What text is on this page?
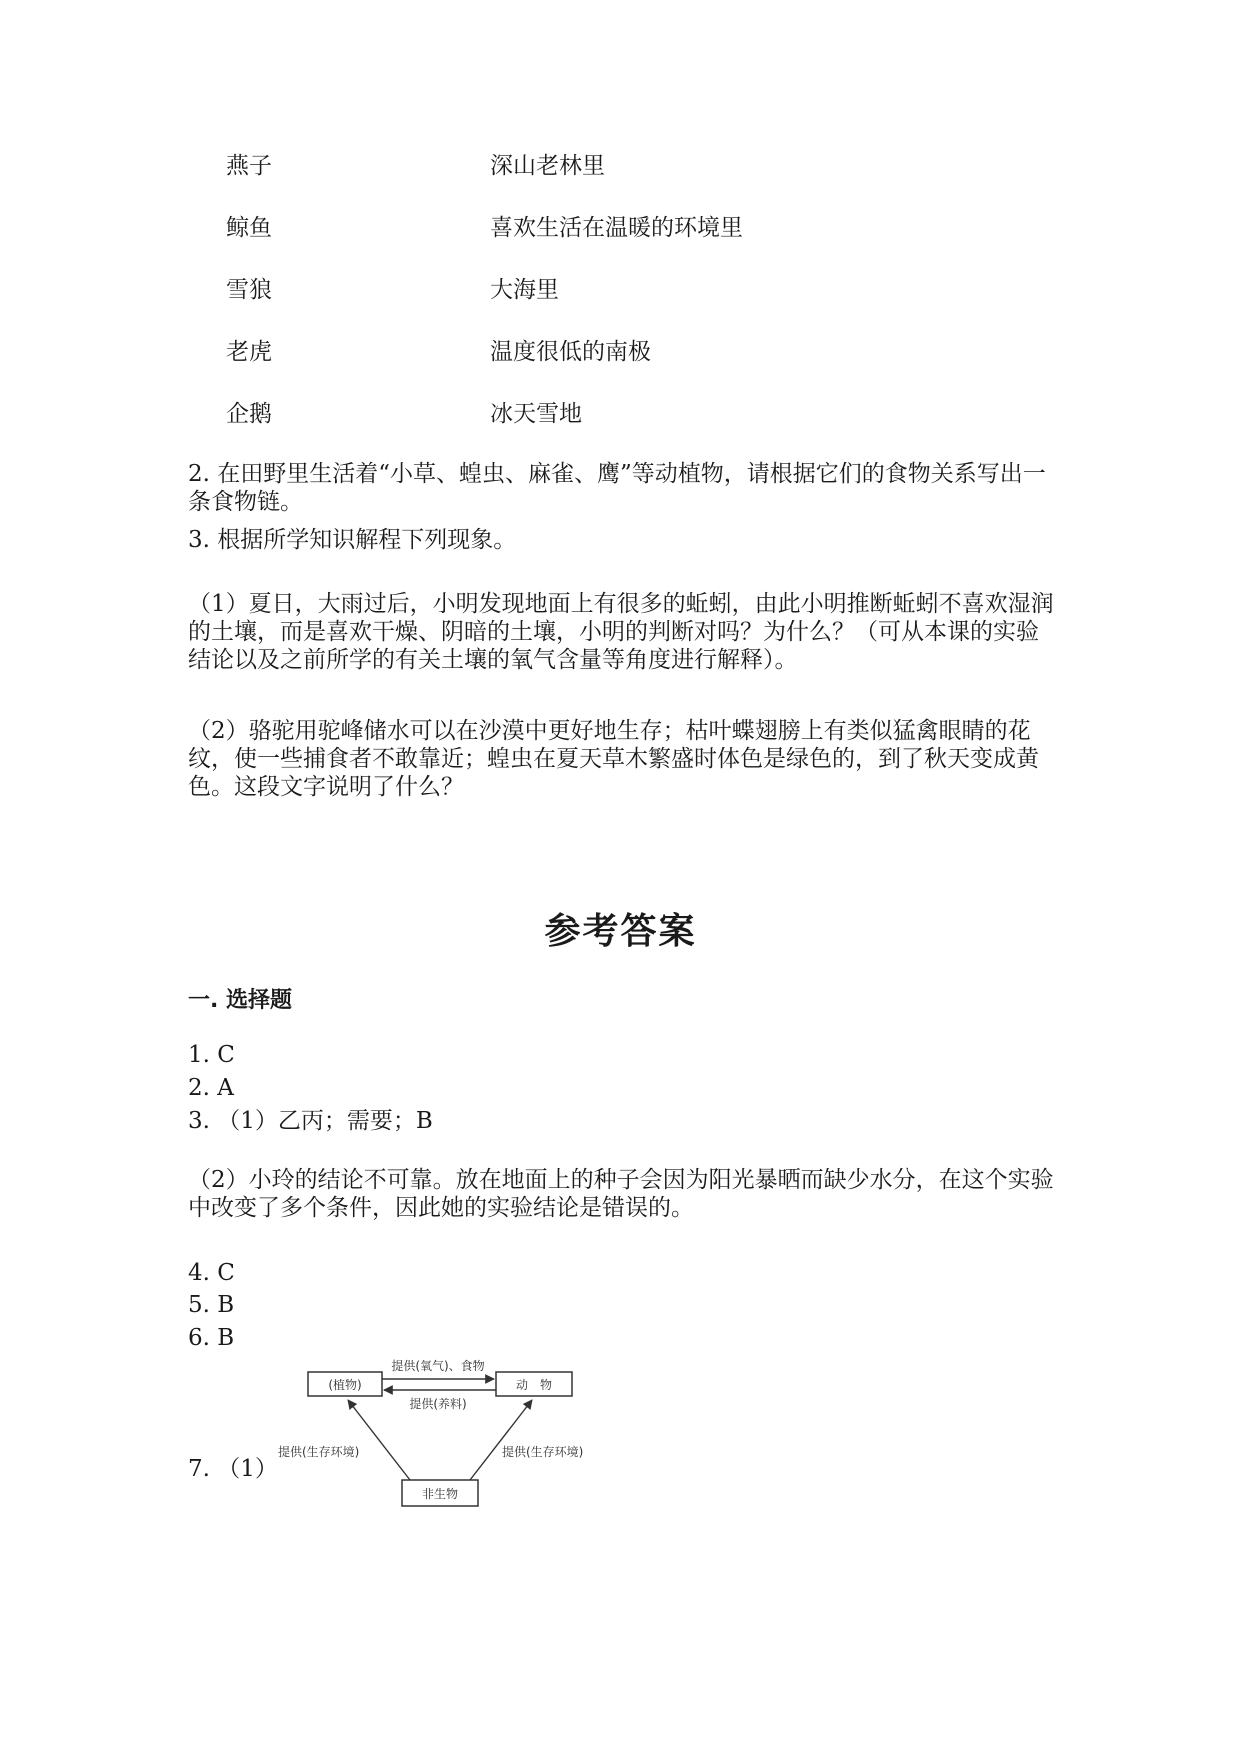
燕子
鲸鱼
雪狼
老虎
企鹅
深山老林里
喜欢生活在温暖的环境里
大海里
温度很低的南极
冰天雪地

2. 在田野里生活着“小草、蝗虫、麻雀、鹰”等动植物，请根据它们的食物关系写出一条食物链。

3. 根据所学知识解程下列现象。

（1）夏日，大雨过后，小明发现地面上有很多的蚯蚓，由此小明推断蚯蚓不喜欢湿润的土壤，而是喜欢干燥、阴暗的土壤，小明的判断对吗？为什么？（可从本课的实验结论以及之前所学的有关土壤的氧气含量等角度进行解释）。

（2）骆驼用驼峰储水可以在沙漠中更好地生存；枯叶蝶翅膀上有类似猛禽眼睛的花纹，使一些捕食者不敢靠近；蝗虫在夏天草木繁盛时体色是绿色的，到了秋天变成黄色。这段文字说明了什么？

参考答案
一. 选择题
1. C
2. A
3. （1）乙丙；需要；B

（2）小玲的结论不可靠。放在地面上的种子会因为阳光暴晒而缺少水分，在这个实验中改变了多个条件，因此她的实验结论是错误的。

4. C
5. B
6. B
7. （1）
(植物)	动　物
非生物
提供(氧气)、食物
提供(养料)
提供(生存环境)	提供(生存环境)
